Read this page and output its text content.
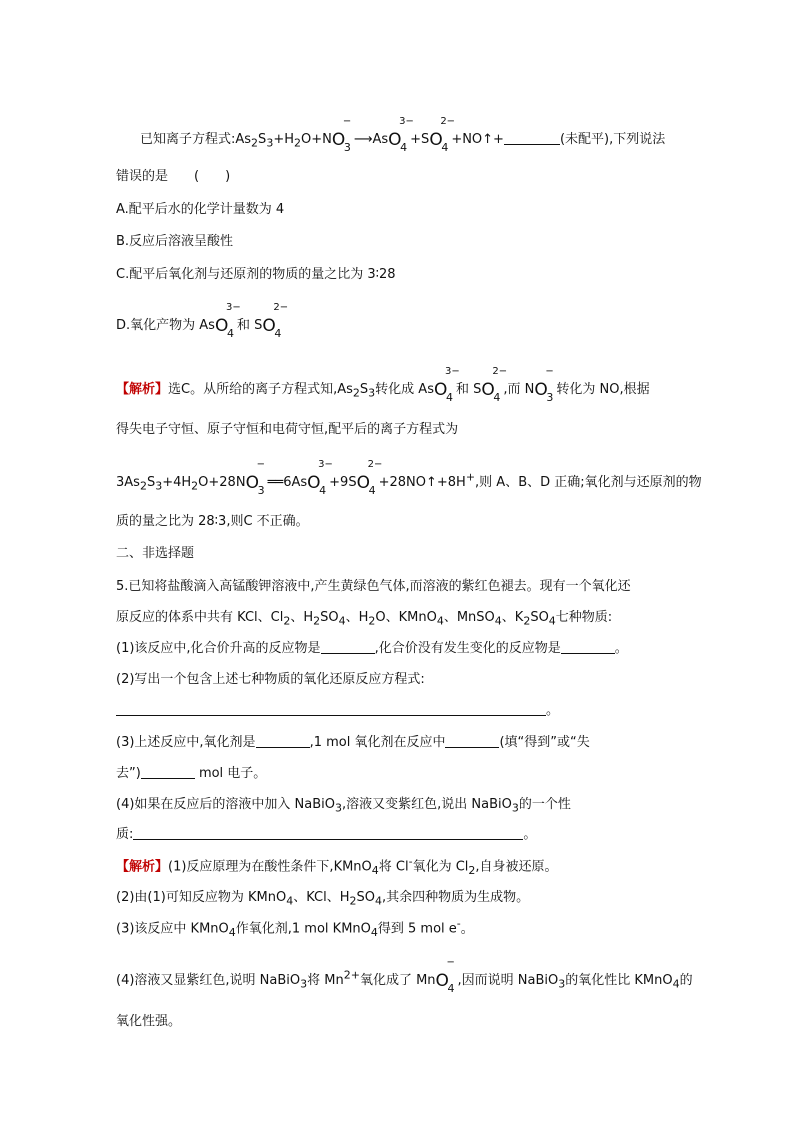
已知离子方程式$:As_2S_3+H_2O+N$ O
−
3
⟶As O
3−
4
+S O
2−
4
+NO↑+	(未配平),下列说法
错误的是　　(　　)
A.配平后水的化学计量数为 4
B.反应后溶液呈酸性
C.配平后氧化剂与还原剂的物质的量之比为 3∶28
D.氧化产物为 As O
3−
4
和 S O
2−
4
【解析】选C。从所给的离子方程式知$,As_2S_3$转化成 As O
3−
4
和 S O
2−
4
,而 N O
−
3
转化为 NO,根据
得失电子守恒、原子守恒和电荷守恒,配平后的离子方程式为
$3As_2S_3+4H_2O+28N$ O
−
3
══6As O
3−
4
+9S O
2−
4
+28NO↑+8H+,则 A、B、D 正确;氧化剂与还原剂的物
质的量之比为 28∶3,则C 不正确。
二、非选择题
5.已知将盐酸滴入高锰酸钾溶液中,产生黄绿色气体,而溶液的紫红色褪去。现有一个氧化还
原反应的体系中共有 KCl、$Cl_2$、$H_2SO_4$、$H_2O$、KMnO$_4$、MnSO$_4$、$K_2SO_4$七种物质:
(1)该反应中,化合价升高的反应物是	,化合价没有发生变化的反应物是	。
(2)写出一个包含上述七种物质的氧化还原反应方程式:
。
(3)上述反应中,氧化剂是	,1 mol 氧化剂在反应中	(填“得到”或“失
去”)	mol 电子。
(4)如果在反应后的溶液中加入 NaBiO$_3$,溶液又变紫红色,说出 NaBiO$_3$的一个性
质:	。
【解析】(1)反应原理为在酸性条件下,KMnO$_4$将 Cl-氧化为 $Cl_2$,自身被还原。
(2)由(1)可知反应物为 KMnO$_4$、KCl、$H_2SO_4$,其余四种物质为生成物。
(3)该反应中 KMnO$_4$作氧化剂,1 mol KMnO$_4$得到 5 mol e-。
(4)溶液又显紫红色,说明 NaBiO$_3$将 $Mn^{2+}$氧化成了 Mn O
−
4
,因而说明 NaBiO$_3$的氧化性比 KMnO$_4$的
氧化性强。
